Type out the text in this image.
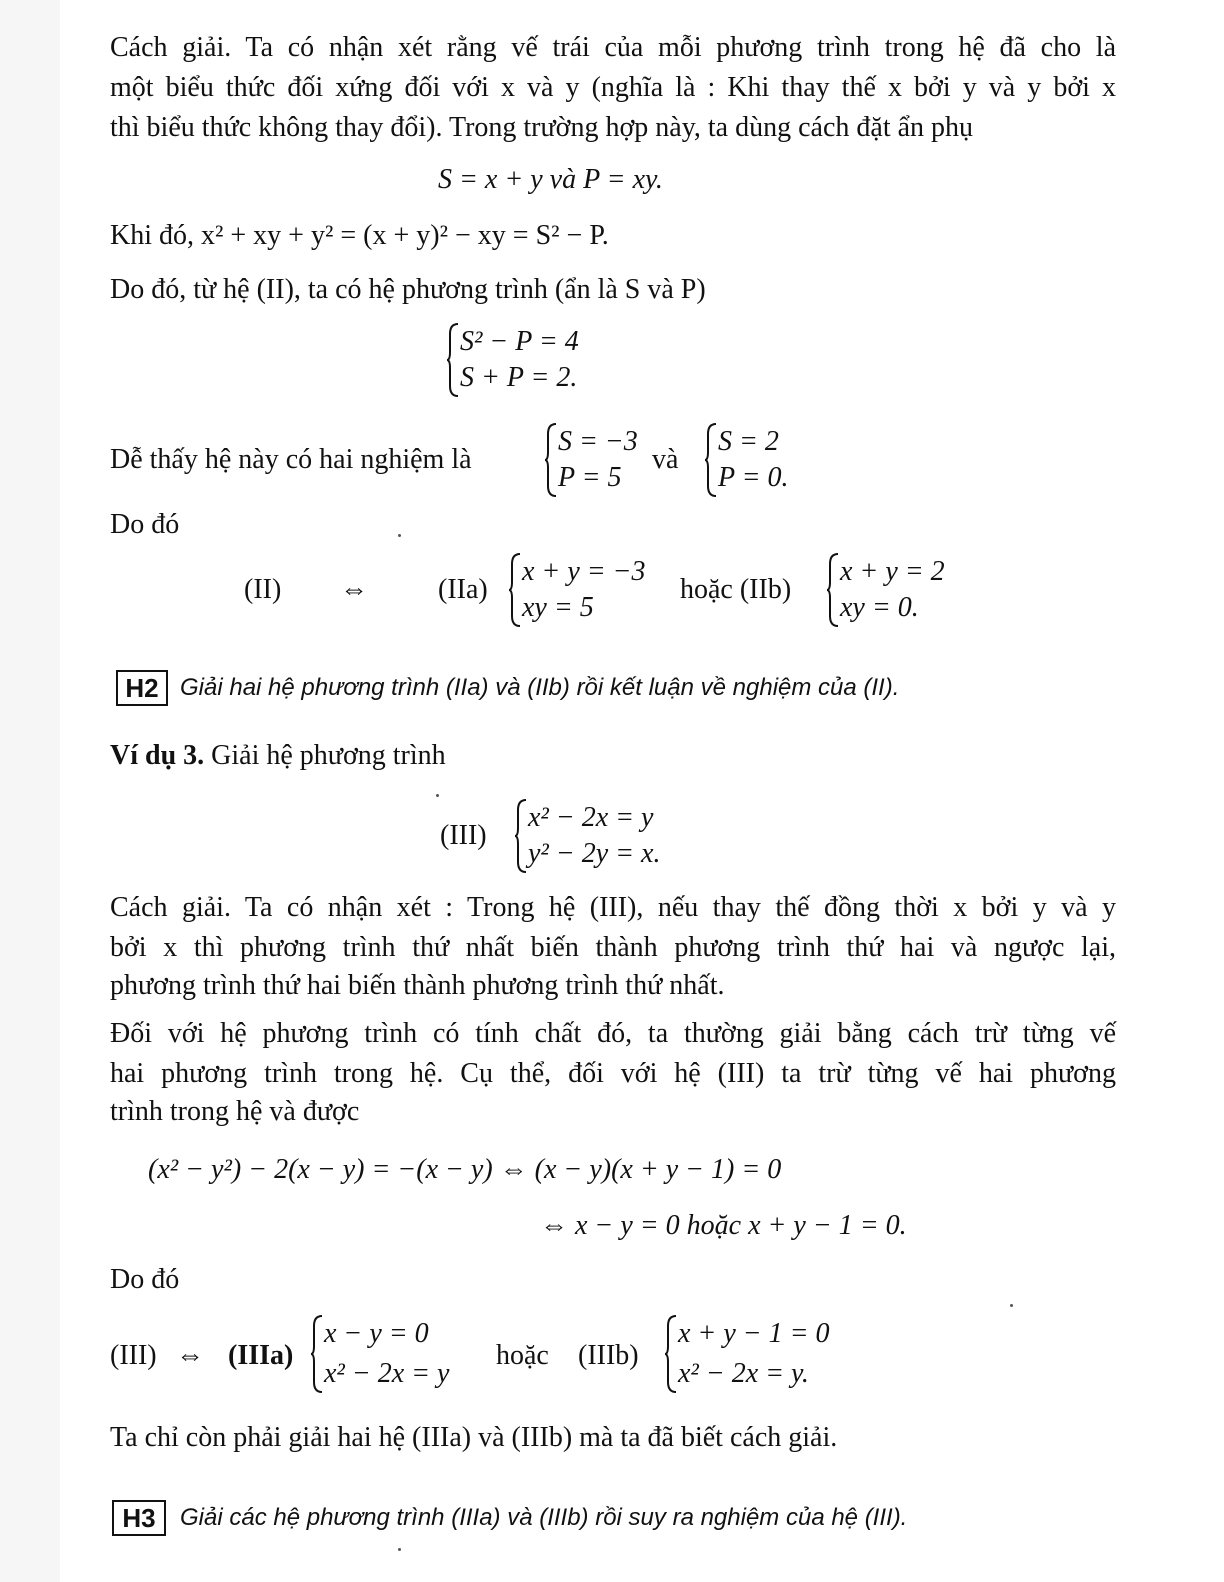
Cách giải. Ta có nhận xét rằng vế trái của mỗi phương trình trong hệ đã cho là
một biểu thức đối xứng đối với x và y (nghĩa là : Khi thay thế x bởi y và y bởi x
thì biểu thức không thay đổi). Trong trường hợp này, ta dùng cách đặt ẩn phụ
S = x + y và P = xy.
Khi đó, x² + xy + y² = (x + y)² − xy = S² − P.
Do đó, từ hệ (II), ta có hệ phương trình (ẩn là S và P)
S² − P = 4
S + P = 2.
Dễ thấy hệ này có hai nghiệm là
S = −3
P = 5
và
S = 2
P = 0.
Do đó
(II) ⇔	(IIa)
x + y = −3
xy = 5
hoặc (IIb)
x + y = 2
xy = 0.
H2 Giải hai hệ phương trình (IIa) và (IIb) rồi kết luận về nghiệm của (II).
Ví dụ 3. Giải hệ phương trình
(III)
x² − 2x = y
y² − 2y = x.
Cách giải. Ta có nhận xét : Trong hệ (III), nếu thay thế đồng thời x bởi y và y
bởi x thì phương trình thứ nhất biến thành phương trình thứ hai và ngược lại,
phương trình thứ hai biến thành phương trình thứ nhất.
Đối với hệ phương trình có tính chất đó, ta thường giải bằng cách trừ từng vế
hai phương trình trong hệ. Cụ thể, đối với hệ (III) ta trừ từng vế hai phương
trình trong hệ và được
(x² − y²) − 2(x − y) = −(x − y) ⇔ (x − y)(x + y − 1) = 0
⇔ x − y = 0 hoặc x + y − 1 = 0.
Do đó
(III) ⇔ (IIIa)
x − y = 0
x² − 2x = y
hoặc (IIIb)
x + y − 1 = 0
x² − 2x = y.
Ta chỉ còn phải giải hai hệ (IIIa) và (IIIb) mà ta đã biết cách giải.
H3	Giải các hệ phương trình (IIIa) và (IIIb) rồi suy ra nghiệm của hệ (III).
